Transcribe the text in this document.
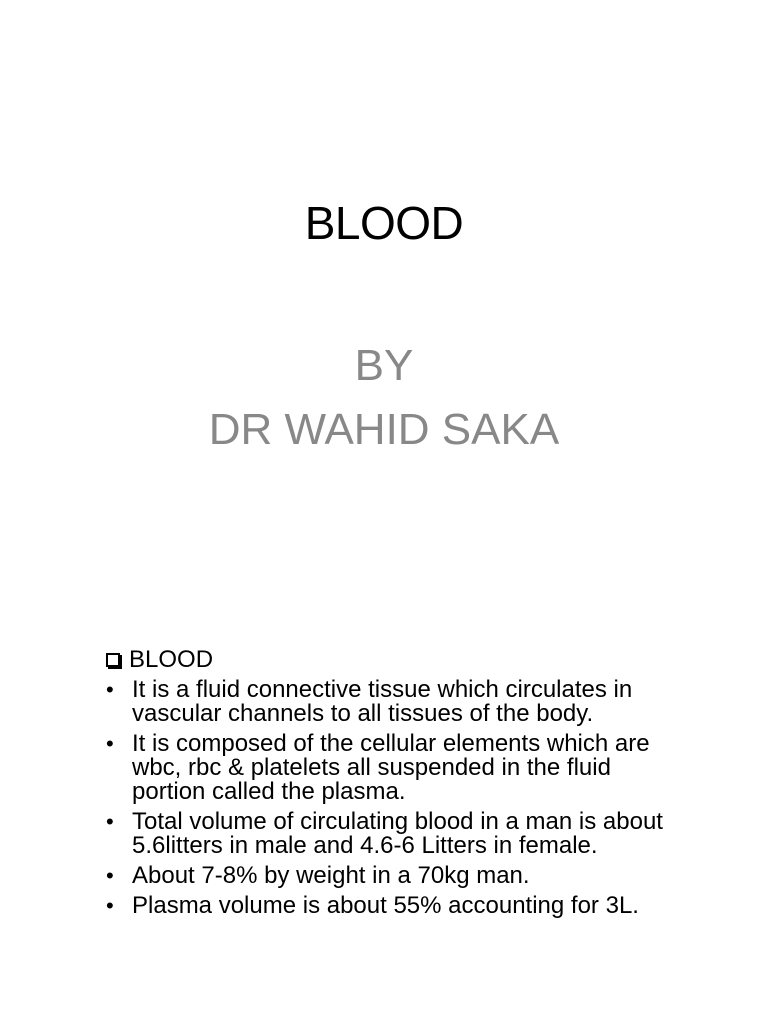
BLOOD
BY
DR WAHID SAKA
BLOOD
• It is a fluid connective tissue which circulates in vascular channels to all tissues of the body.
• It is composed of the cellular elements which are wbc, rbc & platelets all suspended in the fluid portion called the plasma.
• Total volume of circulating blood in a man is about 5.6litters in male and 4.6-6 Litters in female.
• About 7-8% by weight in a 70kg man.
• Plasma volume is about 55% accounting for 3L.
